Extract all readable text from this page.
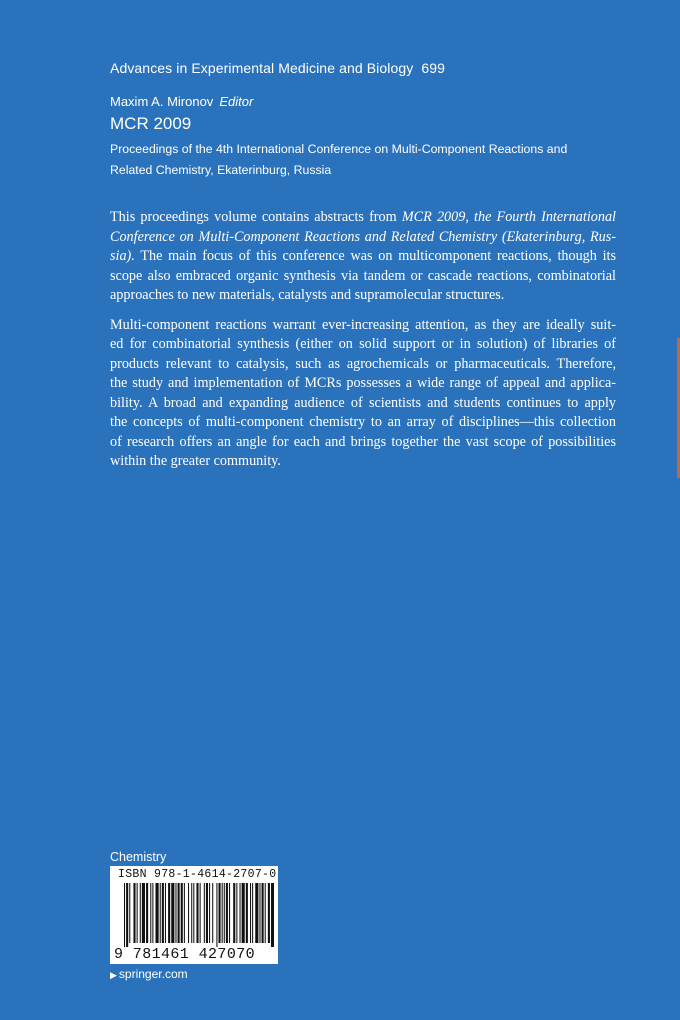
Advances in Experimental Medicine and Biology 699
Maxim A. Mironov Editor
MCR 2009
Proceedings of the 4th International Conference on Multi-Component Reactions and
Related Chemistry, Ekaterinburg, Russia
This proceedings volume contains abstracts from MCR 2009, the Fourth International
Conference on Multi-Component Reactions and Related Chemistry (Ekaterinburg, Rus-
sia). The main focus of this conference was on multicomponent reactions, though its
scope also embraced organic synthesis via tandem or cascade reactions, combinatorial
approaches to new materials, catalysts and supramolecular structures.
Multi-component reactions warrant ever-increasing attention, as they are ideally suit-
ed for combinatorial synthesis (either on solid support or in solution) of libraries of
products relevant to catalysis, such as agrochemicals or pharmaceuticals. Therefore,
the study and implementation of MCRs possesses a wide range of appeal and applica-
bility. A broad and expanding audience of scientists and students continues to apply
the concepts of multi-component chemistry to an array of disciplines—this collection
of research offers an angle for each and brings together the vast scope of possibilities
within the greater community.
Chemistry
ISBN 978-1-4614-2707-0
9 781461 427070
▶ springer.com
